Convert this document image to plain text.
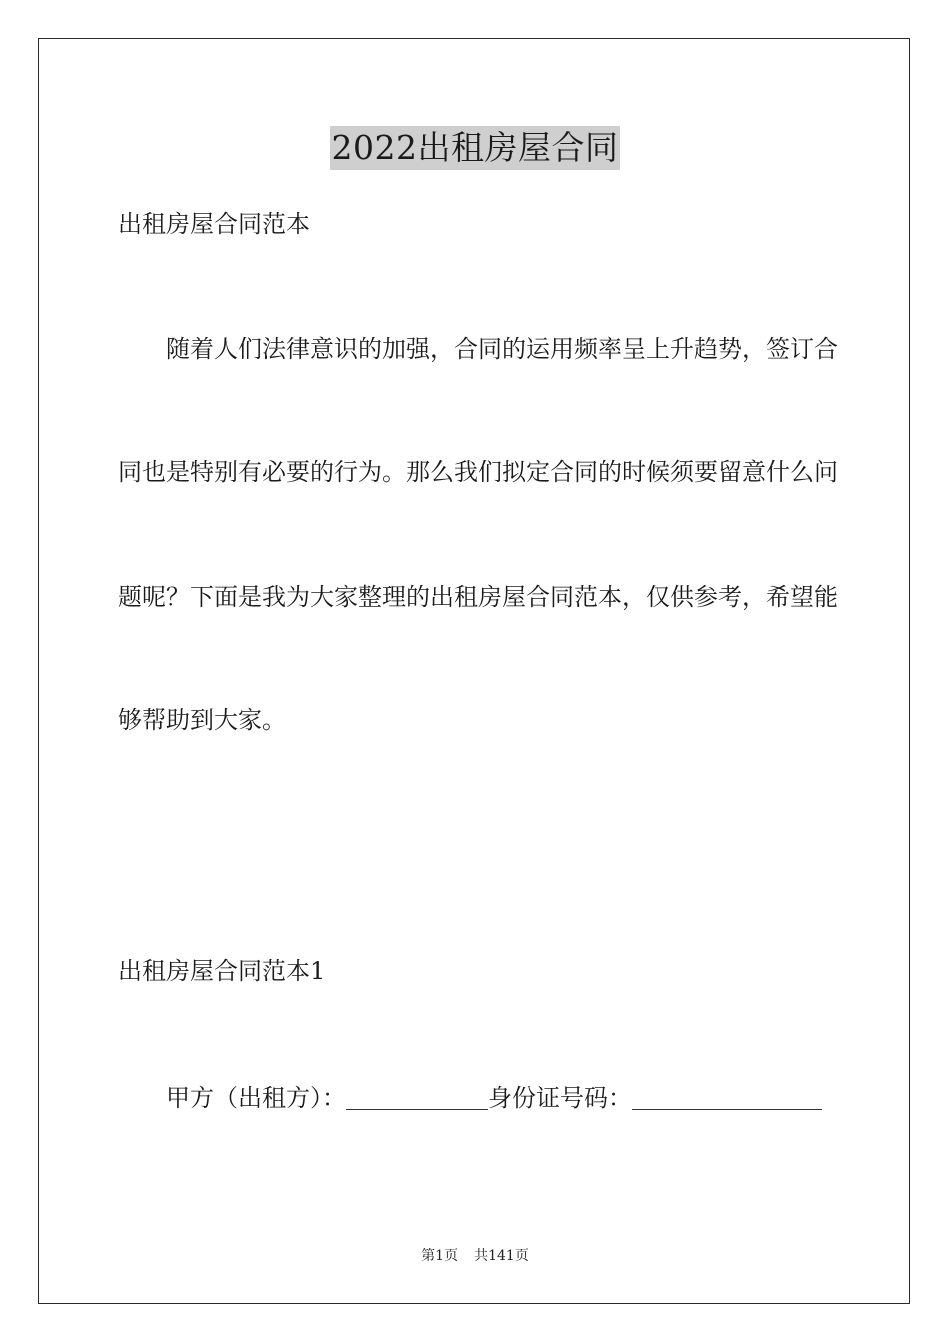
2022出租房屋合同
出租房屋合同范本
随着人们法律意识的加强，合同的运用频率呈上升趋势，签订合
同也是特别有必要的行为。那么我们拟定合同的时候须要留意什么问
题呢？下面是我为大家整理的出租房屋合同范本，仅供参考，希望能
够帮助到大家。
出租房屋合同范本1
甲方（出租方）：	身份证号码：
第1页 共141页
